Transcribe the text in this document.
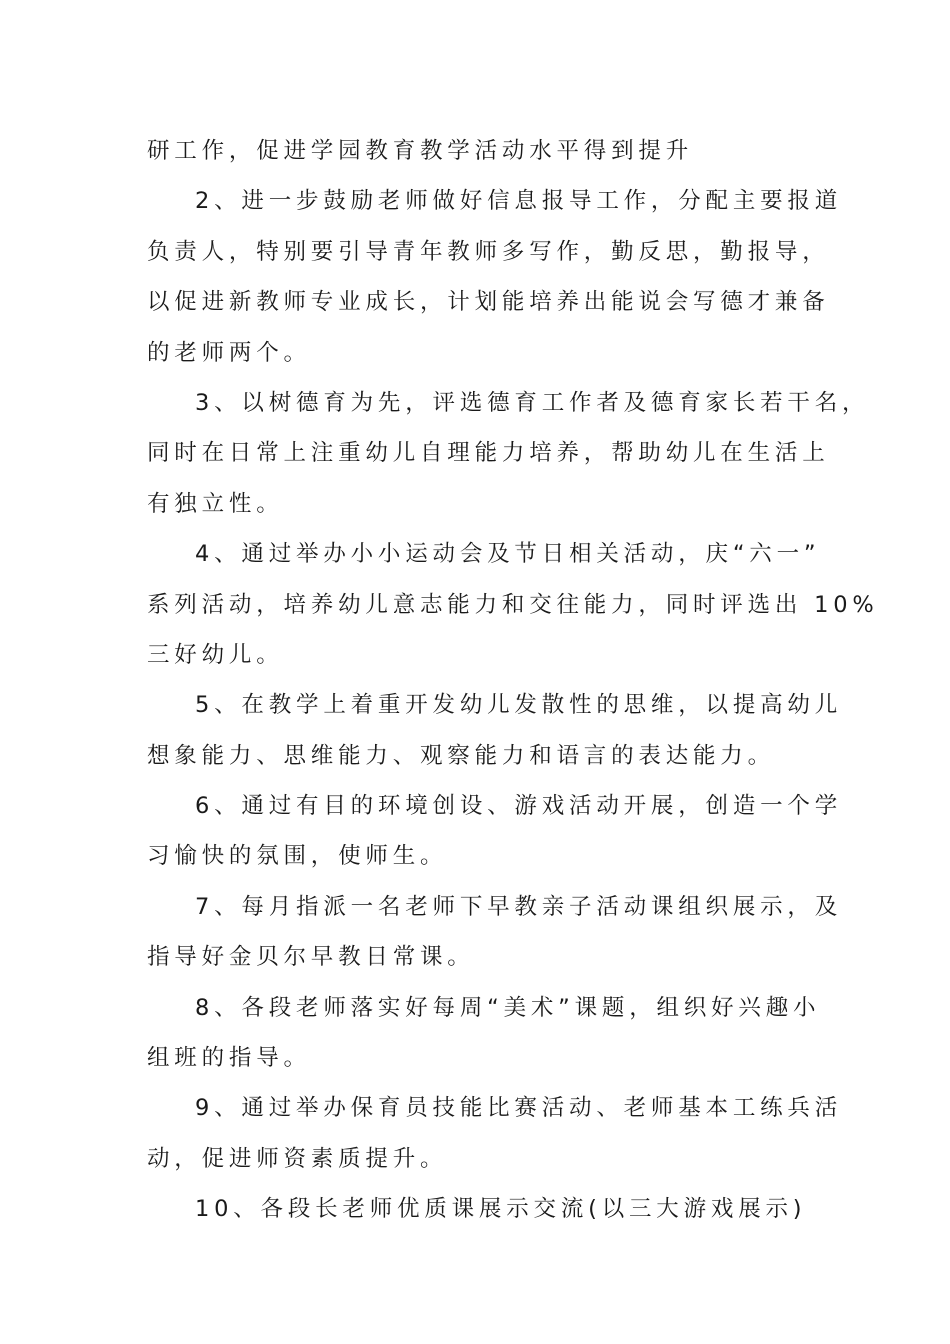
研工作，促进学园教育教学活动水平得到提升
2、进一步鼓励老师做好信息报导工作，分配主要报道
负责人，特别要引导青年教师多写作，勤反思，勤报导，
以促进新教师专业成长，计划能培养出能说会写德才兼备
的老师两个。
3、以树德育为先，评选德育工作者及德育家长若干名，
同时在日常上注重幼儿自理能力培养，帮助幼儿在生活上
有独立性。
4、通过举办小小运动会及节日相关活动，庆“六一”
系列活动，培养幼儿意志能力和交往能力，同时评选出 10%
三好幼儿。
5、在教学上着重开发幼儿发散性的思维，以提高幼儿
想象能力、思维能力、观察能力和语言的表达能力。
6、通过有目的环境创设、游戏活动开展，创造一个学
习愉快的氛围，使师生。
7、每月指派一名老师下早教亲子活动课组织展示，及
指导好金贝尔早教日常课。
8、各段老师落实好每周“美术”课题，组织好兴趣小
组班的指导。
9、通过举办保育员技能比赛活动、老师基本工练兵活
动，促进师资素质提升。
10、各段长老师优质课展示交流(以三大游戏展示)
